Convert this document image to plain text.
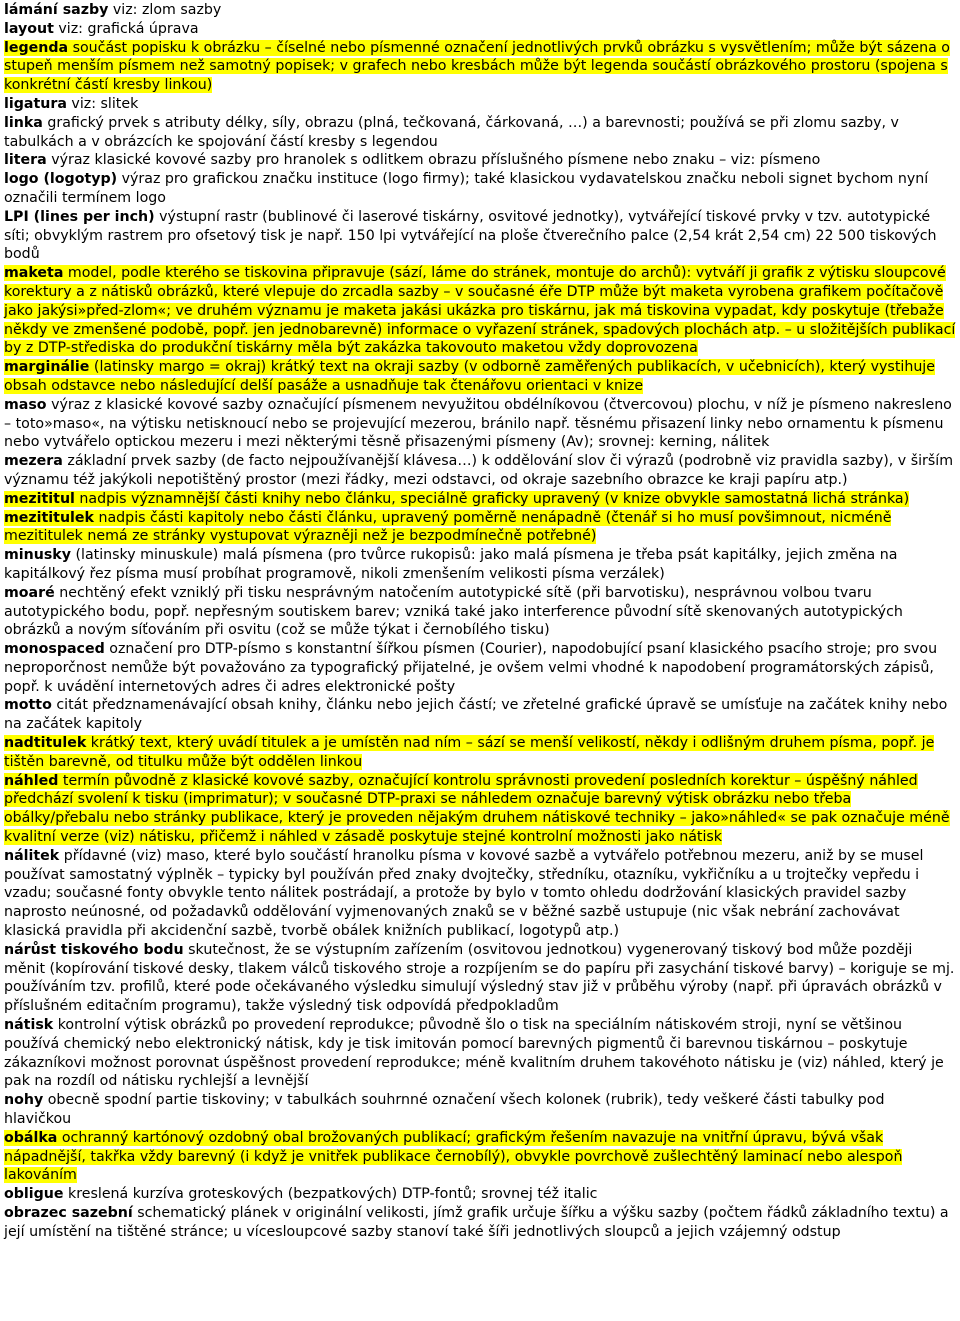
lámání sazby viz: zlom sazby

layout viz: grafická úprava

legenda součást popisku k obrázku – číselné nebo písmenné označení jednotlivých prvků obrázku s vysvětlením; může být sázena o stupeň menším písmem než samotný popisek; v grafech nebo kresbách může být legenda součástí obrázkového prostoru (spojena s konkrétní částí kresby linkou)

ligatura viz: slitek

linka grafický prvek s atributy délky, síly, obrazu (plná, tečkovaná, čárkovaná, …) a barevnosti; používá se při zlomu sazby, v tabulkách a v obrázcích ke spojování částí kresby s legendou

litera výraz klasické kovové sazby pro hranolek s odlitkem obrazu příslušného písmene nebo znaku – viz: písmeno

logo (logotyp) výraz pro grafickou značku instituce (logo firmy); také klasickou vydavatelskou značku neboli signet bychom nyní označili termínem logo

LPI (lines per inch) výstupní rastr (bublinové či laserové tiskárny, osvitové jednotky), vytvářející tiskové prvky v tzv. autotypické síti; obvyklým rastrem pro ofsetový tisk je např. 150 lpi vytvářející na ploše čtverečního palce (2,54 krát 2,54 cm) 22 500 tiskových bodů

maketa model, podle kterého se tiskovina připravuje (sází, láme do stránek, montuje do archů): vytváří ji grafik z výtisku sloupcové korektury a z nátisků obrázků, které vlepuje do zrcadla sazby – v současné éře DTP může být maketa vyrobena grafikem počítačově jako jakýsi»před-zlom«; ve druhém významu je maketa jakási ukázka pro tiskárnu, jak má tiskovina vypadat, kdy poskytuje (třebaže někdy ve zmenšené podobě, popř. jen jednobarevně) informace o vyřazení stránek, spadových plochách atp. – u složitějších publikací by z DTP-střediska do produkční tiskárny měla být zakázka takovouto maketou vždy doprovozena

marginálie (latinsky margo = okraj) krátký text na okraji sazby (v odborně zaměřených publikacích, v učebnicích), který vystihuje obsah odstavce nebo následující delší pasáže a usnadňuje tak čtenářovu orientaci v knize

maso výraz z klasické kovové sazby označující písmenem nevyužitou obdélníkovou (čtvercovou) plochu, v níž je písmeno nakresleno – toto»maso«, na výtisku netisknoucí nebo se projevující mezerou, bránilo např. těsnému přisazení linky nebo ornamentu k písmenu nebo vytvářelo optickou mezeru i mezi některými těsně přisazenými písmeny (Av); srovnej: kerning, nálitek

mezera základní prvek sazby (de facto nejpoužívanější klávesa…) k oddělování slov či výrazů (podrobně viz pravidla sazby), v širším významu též jakýkoli nepotištěný prostor (mezi řádky, mezi odstavci, od okraje sazebního obrazce ke kraji papíru atp.)

mezititul nadpis významnější části knihy nebo článku, speciálně graficky upravený (v knize obvykle samostatná lichá stránka)

mezititulek nadpis části kapitoly nebo části článku, upravený poměrně nenápadně (čtenář si ho musí povšimnout, nicméně mezititulek nemá ze stránky vystupovat výrazněji než je bezpodmínečně potřebné)

minusky (latinsky minuskule) malá písmena (pro tvůrce rukopisů: jako malá písmena je třeba psát kapitálky, jejich změna na kapitálkový řez písma musí probíhat programově, nikoli zmenšením velikosti písma verzálek)

moaré nechtěný efekt vzniklý při tisku nesprávným natočením autotypické sítě (při barvotisku), nesprávnou volbou tvaru autotypického bodu, popř. nepřesným soutiskem barev; vzniká také jako interference původní sítě skenovaných autotypických obrázků a novým síťováním při osvitu (což se může týkat i černobílého tisku)

monospaced označení pro DTP-písmo s konstantní šířkou písmen (Courier), napodobující psaní klasického psacího stroje; pro svou neproporčnost nemůže být považováno za typografický přijatelné, je ovšem velmi vhodné k napodobení programátorských zápisů, popř. k uvádění internetových adres či adres elektronické pošty

motto citát předznamenávající obsah knihy, článku nebo jejich částí; ve zřetelné grafické úpravě se umísťuje na začátek knihy nebo na začátek kapitoly

nadtitulek krátký text, který uvádí titulek a je umístěn nad ním – sází se menší velikostí, někdy i odlišným druhem písma, popř. je tištěn barevně, od titulku může být oddělen linkou

náhled termín původně z klasické kovové sazby, označující kontrolu správnosti provedení posledních korektur – úspěšný náhled předchází svolení k tisku (imprimatur); v současné DTP-praxi se náhledem označuje barevný výtisk obrázku nebo třeba obálky/přebalu nebo stránky publikace, který je proveden nějakým druhem nátiskové techniky – jako»náhled« se pak označuje méně kvalitní verze (viz) nátisku, přičemž i náhled v zásadě poskytuje stejné kontrolní možnosti jako nátisk

nálitek přídavné (viz) maso, které bylo součástí hranolku písma v kovové sazbě a vytvářelo potřebnou mezeru, aniž by se musel používat samostatný výplněk – typicky byl používán před znaky dvojtečky, středníku, otazníku, vykřičníku a u trojtečky vepředu i vzadu; současné fonty obvykle tento nálitek postrádají, a protože by bylo v tomto ohledu dodržování klasických pravidel sazby naprosto neúnosné, od požadavků oddělování vyjmenovaných znaků se v běžné sazbě ustupuje (nic však nebrání zachovávat klasická pravidla při akcidenční sazbě, tvorbě obálek knižních publikací, logotypů atp.)

nárůst tiskového bodu skutečnost, že se výstupním zařízením (osvitovou jednotkou) vygenerovaný tiskový bod může později měnit (kopírování tiskové desky, tlakem válců tiskového stroje a rozpíjením se do papíru při zasychání tiskové barvy) – koriguje se mj. používáním tzv. profilů, které pode očekávaného výsledku simulují výsledný stav již v průběhu výroby (např. při úpravách obrázků v příslušném editačním programu), takže výsledný tisk odpovídá předpokladům

nátisk kontrolní výtisk obrázků po provedení reprodukce; původně šlo o tisk na speciálním nátiskovém stroji, nyní se většinou používá chemický nebo elektronický nátisk, kdy je tisk imitován pomocí barevných pigmentů či barevnou tiskárnou – poskytuje zákazníkovi možnost porovnat úspěšnost provedení reprodukce; méně kvalitním druhem takovéhoto nátisku je (viz) náhled, který je pak na rozdíl od nátisku rychlejší a levnější

nohy obecně spodní partie tiskoviny; v tabulkách souhrnné označení všech kolonek (rubrik), tedy veškeré části tabulky pod hlavičkou

obálka ochranný kartónový ozdobný obal brožovaných publikací; grafickým řešením navazuje na vnitřní úpravu, bývá však nápadnější, takřka vždy barevný (i když je vnitřek publikace černobílý), obvykle povrchově zušlechtěný laminací nebo alespoň lakováním

obligue kreslená kurzíva groteskových (bezpatkových) DTP-fontů; srovnej též italic

obrazec sazební schematický plánek v originální velikosti, jímž grafik určuje šířku a výšku sazby (počtem řádků základního textu) a její umístění na tištěné stránce; u vícesloupcové sazby stanoví také šíři jednotlivých sloupců a jejich vzájemný odstup
